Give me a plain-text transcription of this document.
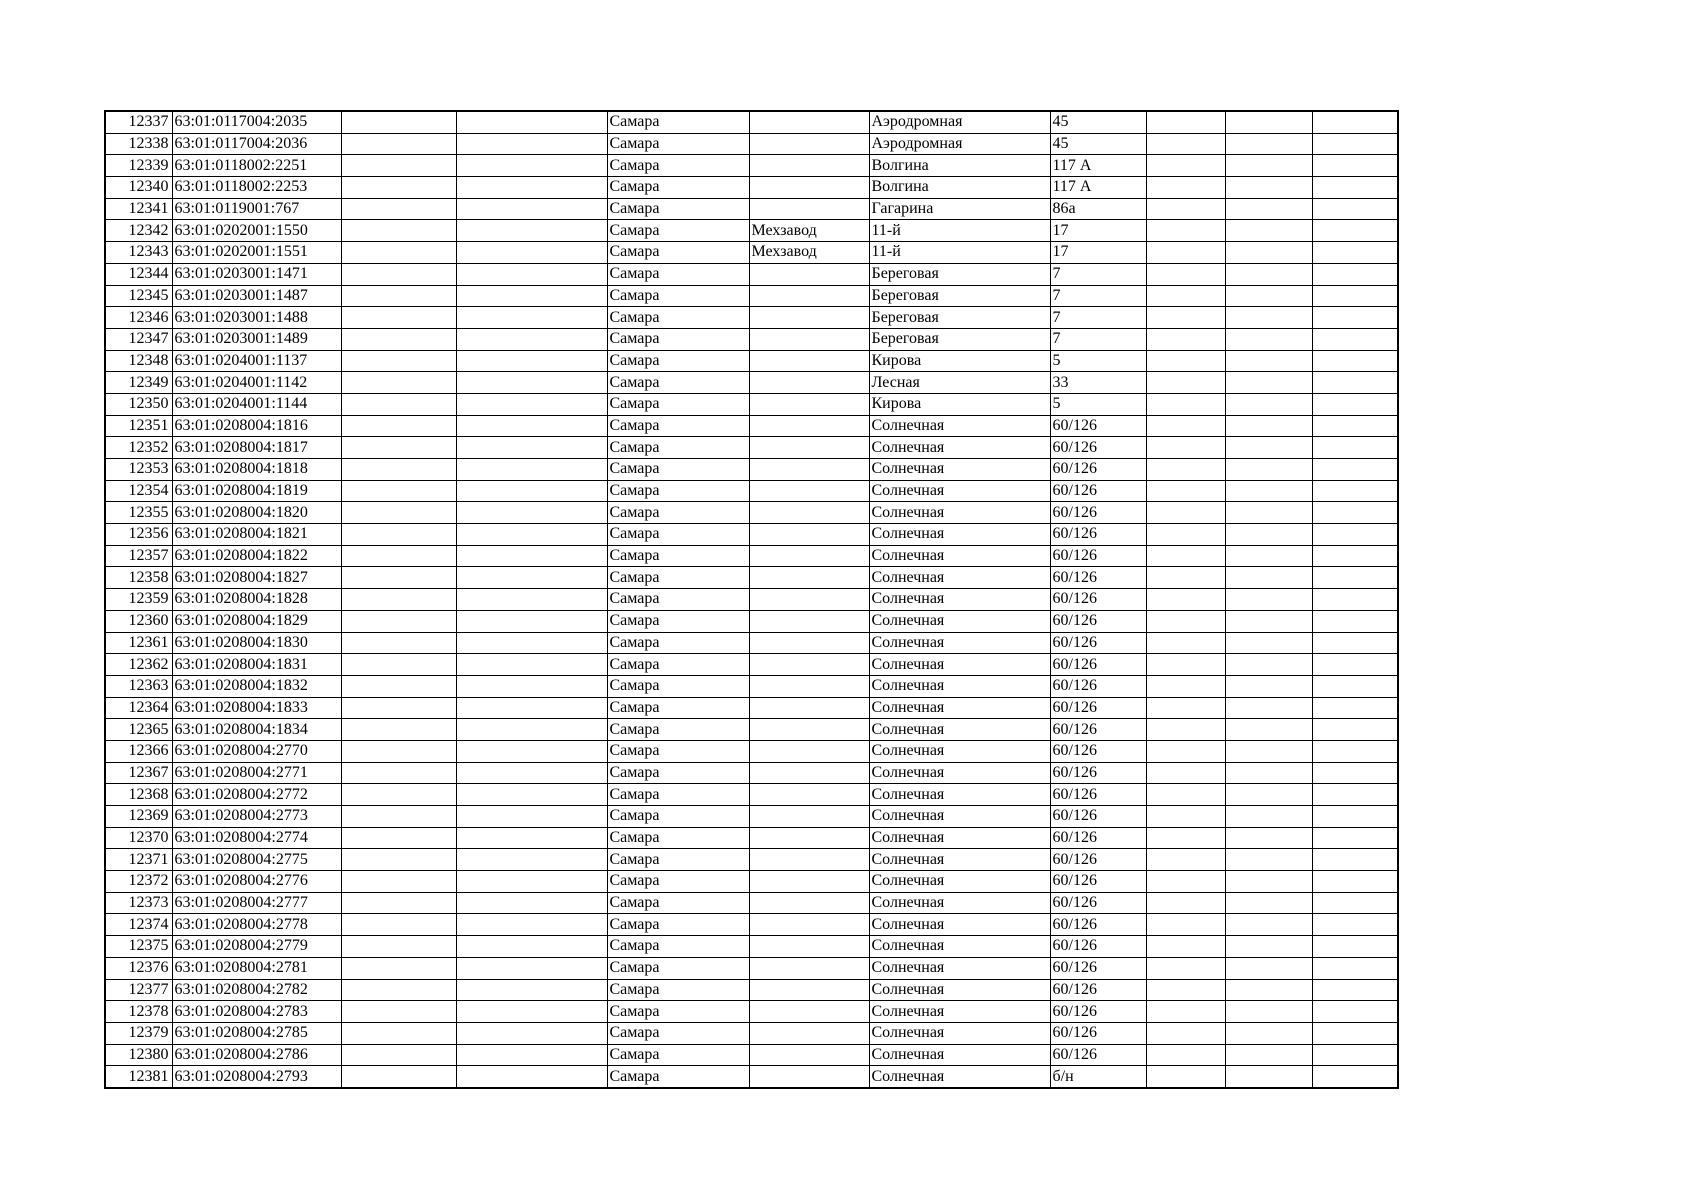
12337	63:01:0117004:2035			Самара		Аэродромная	45			
12338	63:01:0117004:2036			Самара		Аэродромная	45			
12339	63:01:0118002:2251			Самара		Волгина	117 А			
12340	63:01:0118002:2253			Самара		Волгина	117 А			
12341	63:01:0119001:767			Самара		Гагарина	86а			
12342	63:01:0202001:1550			Самара	Мехзавод	11-й	17			
12343	63:01:0202001:1551			Самара	Мехзавод	11-й	17			
12344	63:01:0203001:1471			Самара		Береговая	7			
12345	63:01:0203001:1487			Самара		Береговая	7			
12346	63:01:0203001:1488			Самара		Береговая	7			
12347	63:01:0203001:1489			Самара		Береговая	7			
12348	63:01:0204001:1137			Самара		Кирова	5			
12349	63:01:0204001:1142			Самара		Лесная	33			
12350	63:01:0204001:1144			Самара		Кирова	5			
12351	63:01:0208004:1816			Самара		Солнечная	60/126			
12352	63:01:0208004:1817			Самара		Солнечная	60/126			
12353	63:01:0208004:1818			Самара		Солнечная	60/126			
12354	63:01:0208004:1819			Самара		Солнечная	60/126			
12355	63:01:0208004:1820			Самара		Солнечная	60/126			
12356	63:01:0208004:1821			Самара		Солнечная	60/126			
12357	63:01:0208004:1822			Самара		Солнечная	60/126			
12358	63:01:0208004:1827			Самара		Солнечная	60/126			
12359	63:01:0208004:1828			Самара		Солнечная	60/126			
12360	63:01:0208004:1829			Самара		Солнечная	60/126			
12361	63:01:0208004:1830			Самара		Солнечная	60/126			
12362	63:01:0208004:1831			Самара		Солнечная	60/126			
12363	63:01:0208004:1832			Самара		Солнечная	60/126			
12364	63:01:0208004:1833			Самара		Солнечная	60/126			
12365	63:01:0208004:1834			Самара		Солнечная	60/126			
12366	63:01:0208004:2770			Самара		Солнечная	60/126			
12367	63:01:0208004:2771			Самара		Солнечная	60/126			
12368	63:01:0208004:2772			Самара		Солнечная	60/126			
12369	63:01:0208004:2773			Самара		Солнечная	60/126			
12370	63:01:0208004:2774			Самара		Солнечная	60/126			
12371	63:01:0208004:2775			Самара		Солнечная	60/126			
12372	63:01:0208004:2776			Самара		Солнечная	60/126			
12373	63:01:0208004:2777			Самара		Солнечная	60/126			
12374	63:01:0208004:2778			Самара		Солнечная	60/126			
12375	63:01:0208004:2779			Самара		Солнечная	60/126			
12376	63:01:0208004:2781			Самара		Солнечная	60/126			
12377	63:01:0208004:2782			Самара		Солнечная	60/126			
12378	63:01:0208004:2783			Самара		Солнечная	60/126			
12379	63:01:0208004:2785			Самара		Солнечная	60/126			
12380	63:01:0208004:2786			Самара		Солнечная	60/126			
12381	63:01:0208004:2793			Самара		Солнечная	б/н			
